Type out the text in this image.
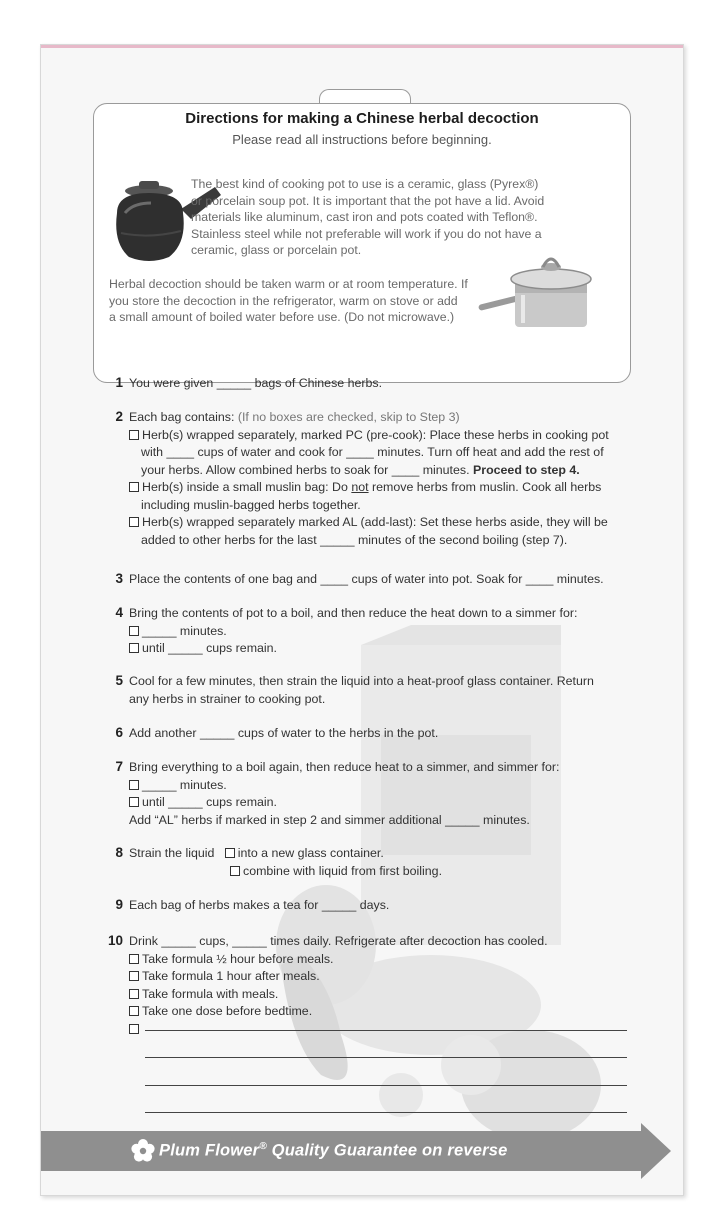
Directions for making a Chinese herbal decoction
Please read all instructions before beginning.
The best kind of cooking pot to use is a ceramic, glass (Pyrex®)
or porcelain soup pot. It is important that the pot have a lid. Avoid
materials like aluminum, cast iron and pots coated with Teflon®.
Stainless steel while not preferable will work if you do not have a
ceramic, glass or porcelain pot.
Herbal decoction should be taken warm or at room temperature. If
you store the decoction in the refrigerator, warm on stove or add
a small amount of boiled water before use. (Do not microwave.)
1 You were given _____ bags of Chinese herbs.
2 Each bag contains: (If no boxes are checked, skip to Step 3)
Herb(s) wrapped separately, marked PC (pre-cook): Place these herbs in cooking pot
with ____ cups of water and cook for ____ minutes. Turn off heat and add the rest of
your herbs. Allow combined herbs to soak for ____ minutes. Proceed to step 4.
Herb(s) inside a small muslin bag: Do not remove herbs from muslin. Cook all herbs
including muslin-bagged herbs together.
Herb(s) wrapped separately marked AL (add-last): Set these herbs aside, they will be
added to other herbs for the last _____ minutes of the second boiling (step 7).
3 Place the contents of one bag and ____ cups of water into pot. Soak for ____ minutes.
4 Bring the contents of pot to a boil, and then reduce the heat down to a simmer for:
_____ minutes.
until _____ cups remain.
5 Cool for a few minutes, then strain the liquid into a heat-proof glass container. Return
any herbs in strainer to cooking pot.
6 Add another _____ cups of water to the herbs in the pot.
7 Bring everything to a boil again, then reduce heat to a simmer, and simmer for:
_____ minutes.
until _____ cups remain.
Add “AL” herbs if marked in step 2 and simmer additional _____ minutes.
8 Strain the liquid into a new glass container.
combine with liquid from first boiling.
9 Each bag of herbs makes a tea for _____ days.
10 Drink _____ cups, _____ times daily. Refrigerate after decoction has cooled.
Take formula ½ hour before meals.
Take formula 1 hour after meals.
Take formula with meals.
Take one dose before bedtime.
Plum Flower® Quality Guarantee on reverse
